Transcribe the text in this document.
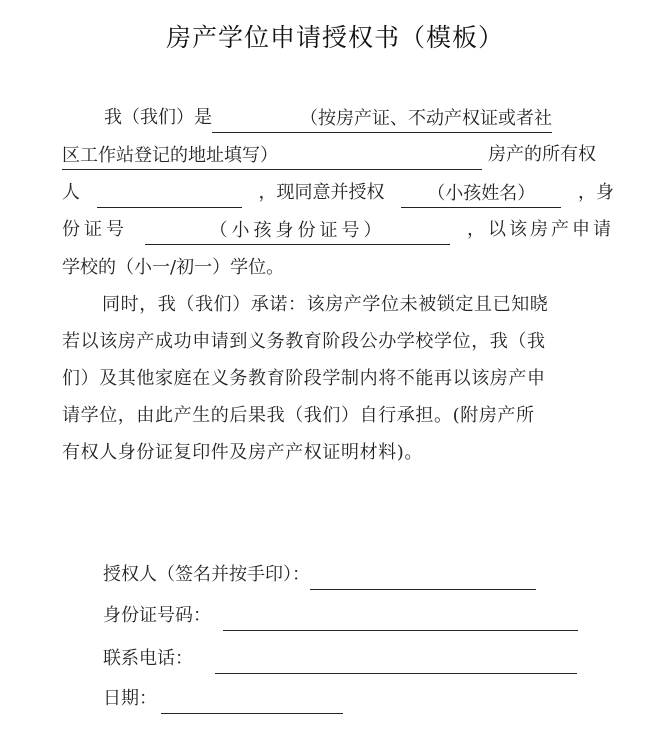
房产学位申请授权书（模板）
我（我们）是	（按房产证、不动产权证或者社
区工作站登记的地址填写）	房产的所有权
人	，现同意并授权	（小孩姓名）	，身
份证号	（小孩身份证号）	，以该房产申请
学校的（小一/初一）学位。
同时，我（我们）承诺：该房产学位未被锁定且已知晓
若以该房产成功申请到义务教育阶段公办学校学位，我（我
们）及其他家庭在义务教育阶段学制内将不能再以该房产申
请学位，由此产生的后果我（我们）自行承担。(附房产所
有权人身份证复印件及房产产权证明材料)。
授权人（签名并按手印）：
身份证号码：
联系电话：
日期：
